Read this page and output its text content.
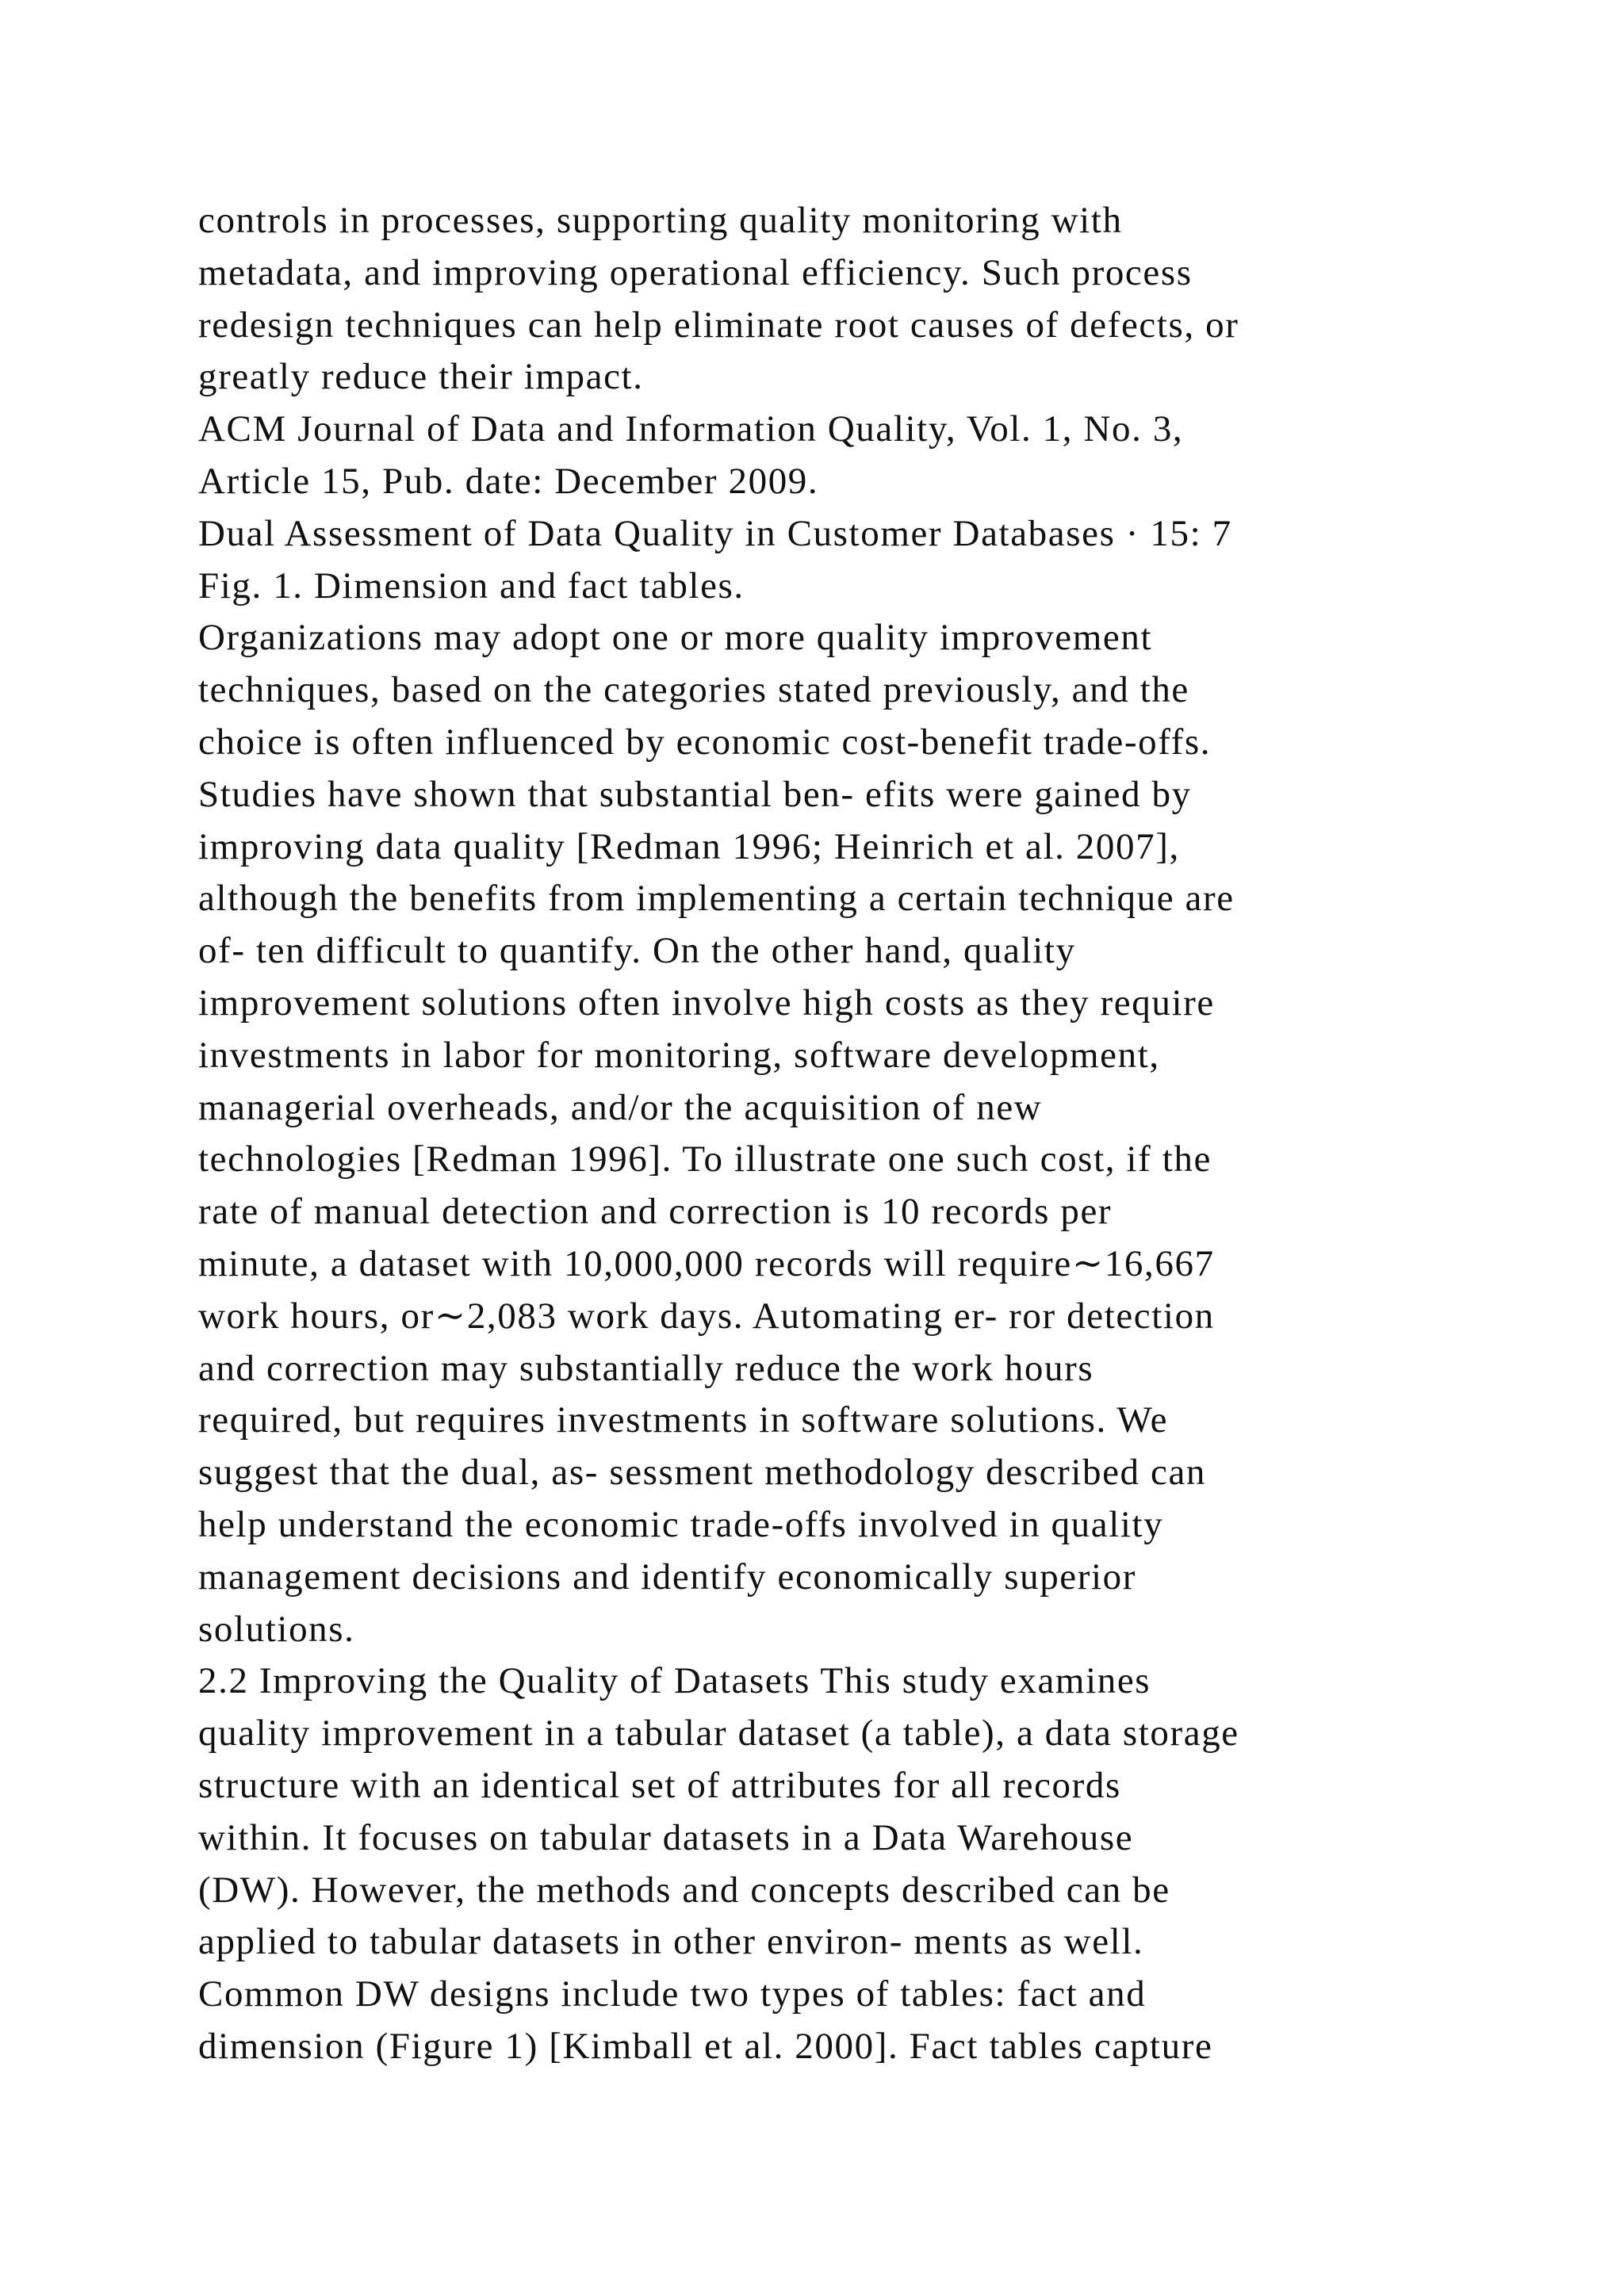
controls in processes, supporting quality monitoring with
metadata, and improving operational efficiency. Such process
redesign techniques can help eliminate root causes of defects, or
greatly reduce their impact.
ACM Journal of Data and Information Quality, Vol. 1, No. 3,
Article 15, Pub. date: December 2009.
Dual Assessment of Data Quality in Customer Databases · 15: 7
Fig. 1. Dimension and fact tables.
Organizations may adopt one or more quality improvement
techniques, based on the categories stated previously, and the
choice is often influenced by economic cost-benefit trade-offs.
Studies have shown that substantial ben- efits were gained by
improving data quality [Redman 1996; Heinrich et al. 2007],
although the benefits from implementing a certain technique are
of- ten difficult to quantify. On the other hand, quality
improvement solutions often involve high costs as they require
investments in labor for monitoring, software development,
managerial overheads, and/or the acquisition of new
technologies [Redman 1996]. To illustrate one such cost, if the
rate of manual detection and correction is 10 records per
minute, a dataset with 10,000,000 records will require∼16,667
work hours, or∼2,083 work days. Automating er- ror detection
and correction may substantially reduce the work hours
required, but requires investments in software solutions. We
suggest that the dual, as- sessment methodology described can
help understand the economic trade-offs involved in quality
management decisions and identify economically superior
solutions.
2.2 Improving the Quality of Datasets This study examines
quality improvement in a tabular dataset (a table), a data storage
structure with an identical set of attributes for all records
within. It focuses on tabular datasets in a Data Warehouse
(DW). However, the methods and concepts described can be
applied to tabular datasets in other environ- ments as well.
Common DW designs include two types of tables: fact and
dimension (Figure 1) [Kimball et al. 2000]. Fact tables capture
